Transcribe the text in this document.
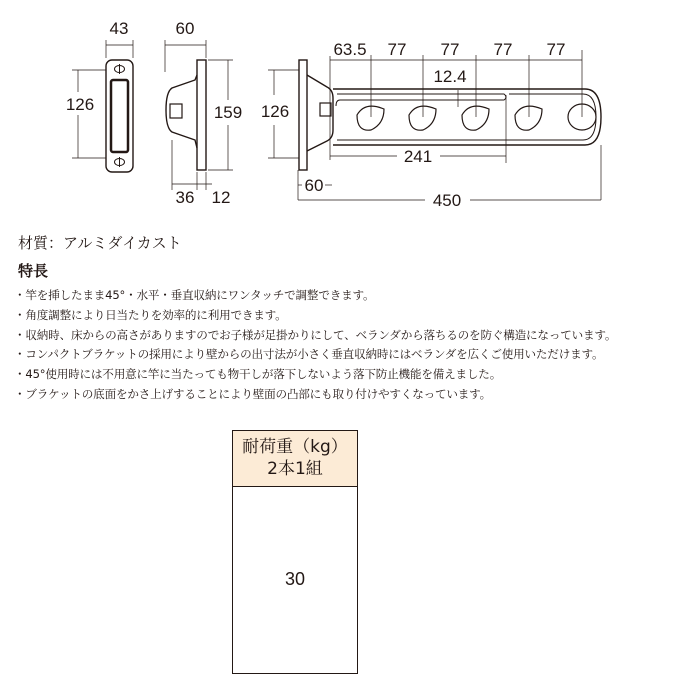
43
126
60
159
36 12
63.5 77 77 77 77
12.4
126
241
60
450
材質：アルミダイカスト
特長
・竿を挿したまま45°・水平・垂直収納にワンタッチで調整できます。
・角度調整により日当たりを効率的に利用できます。
・収納時、床からの高さがありますのでお子様が足掛かりにして、ベランダから落ちるのを防ぐ構造になっています。
・コンパクトブラケットの採用により壁からの出寸法が小さく垂直収納時にはベランダを広くご使用いただけます。
・45°使用時には不用意に竿に当たっても物干しが落下しないよう落下防止機能を備えました。
・ブラケットの底面をかさ上げすることにより壁面の凸部にも取り付けやすくなっています。
耐荷重（kg）
2本1組
30
